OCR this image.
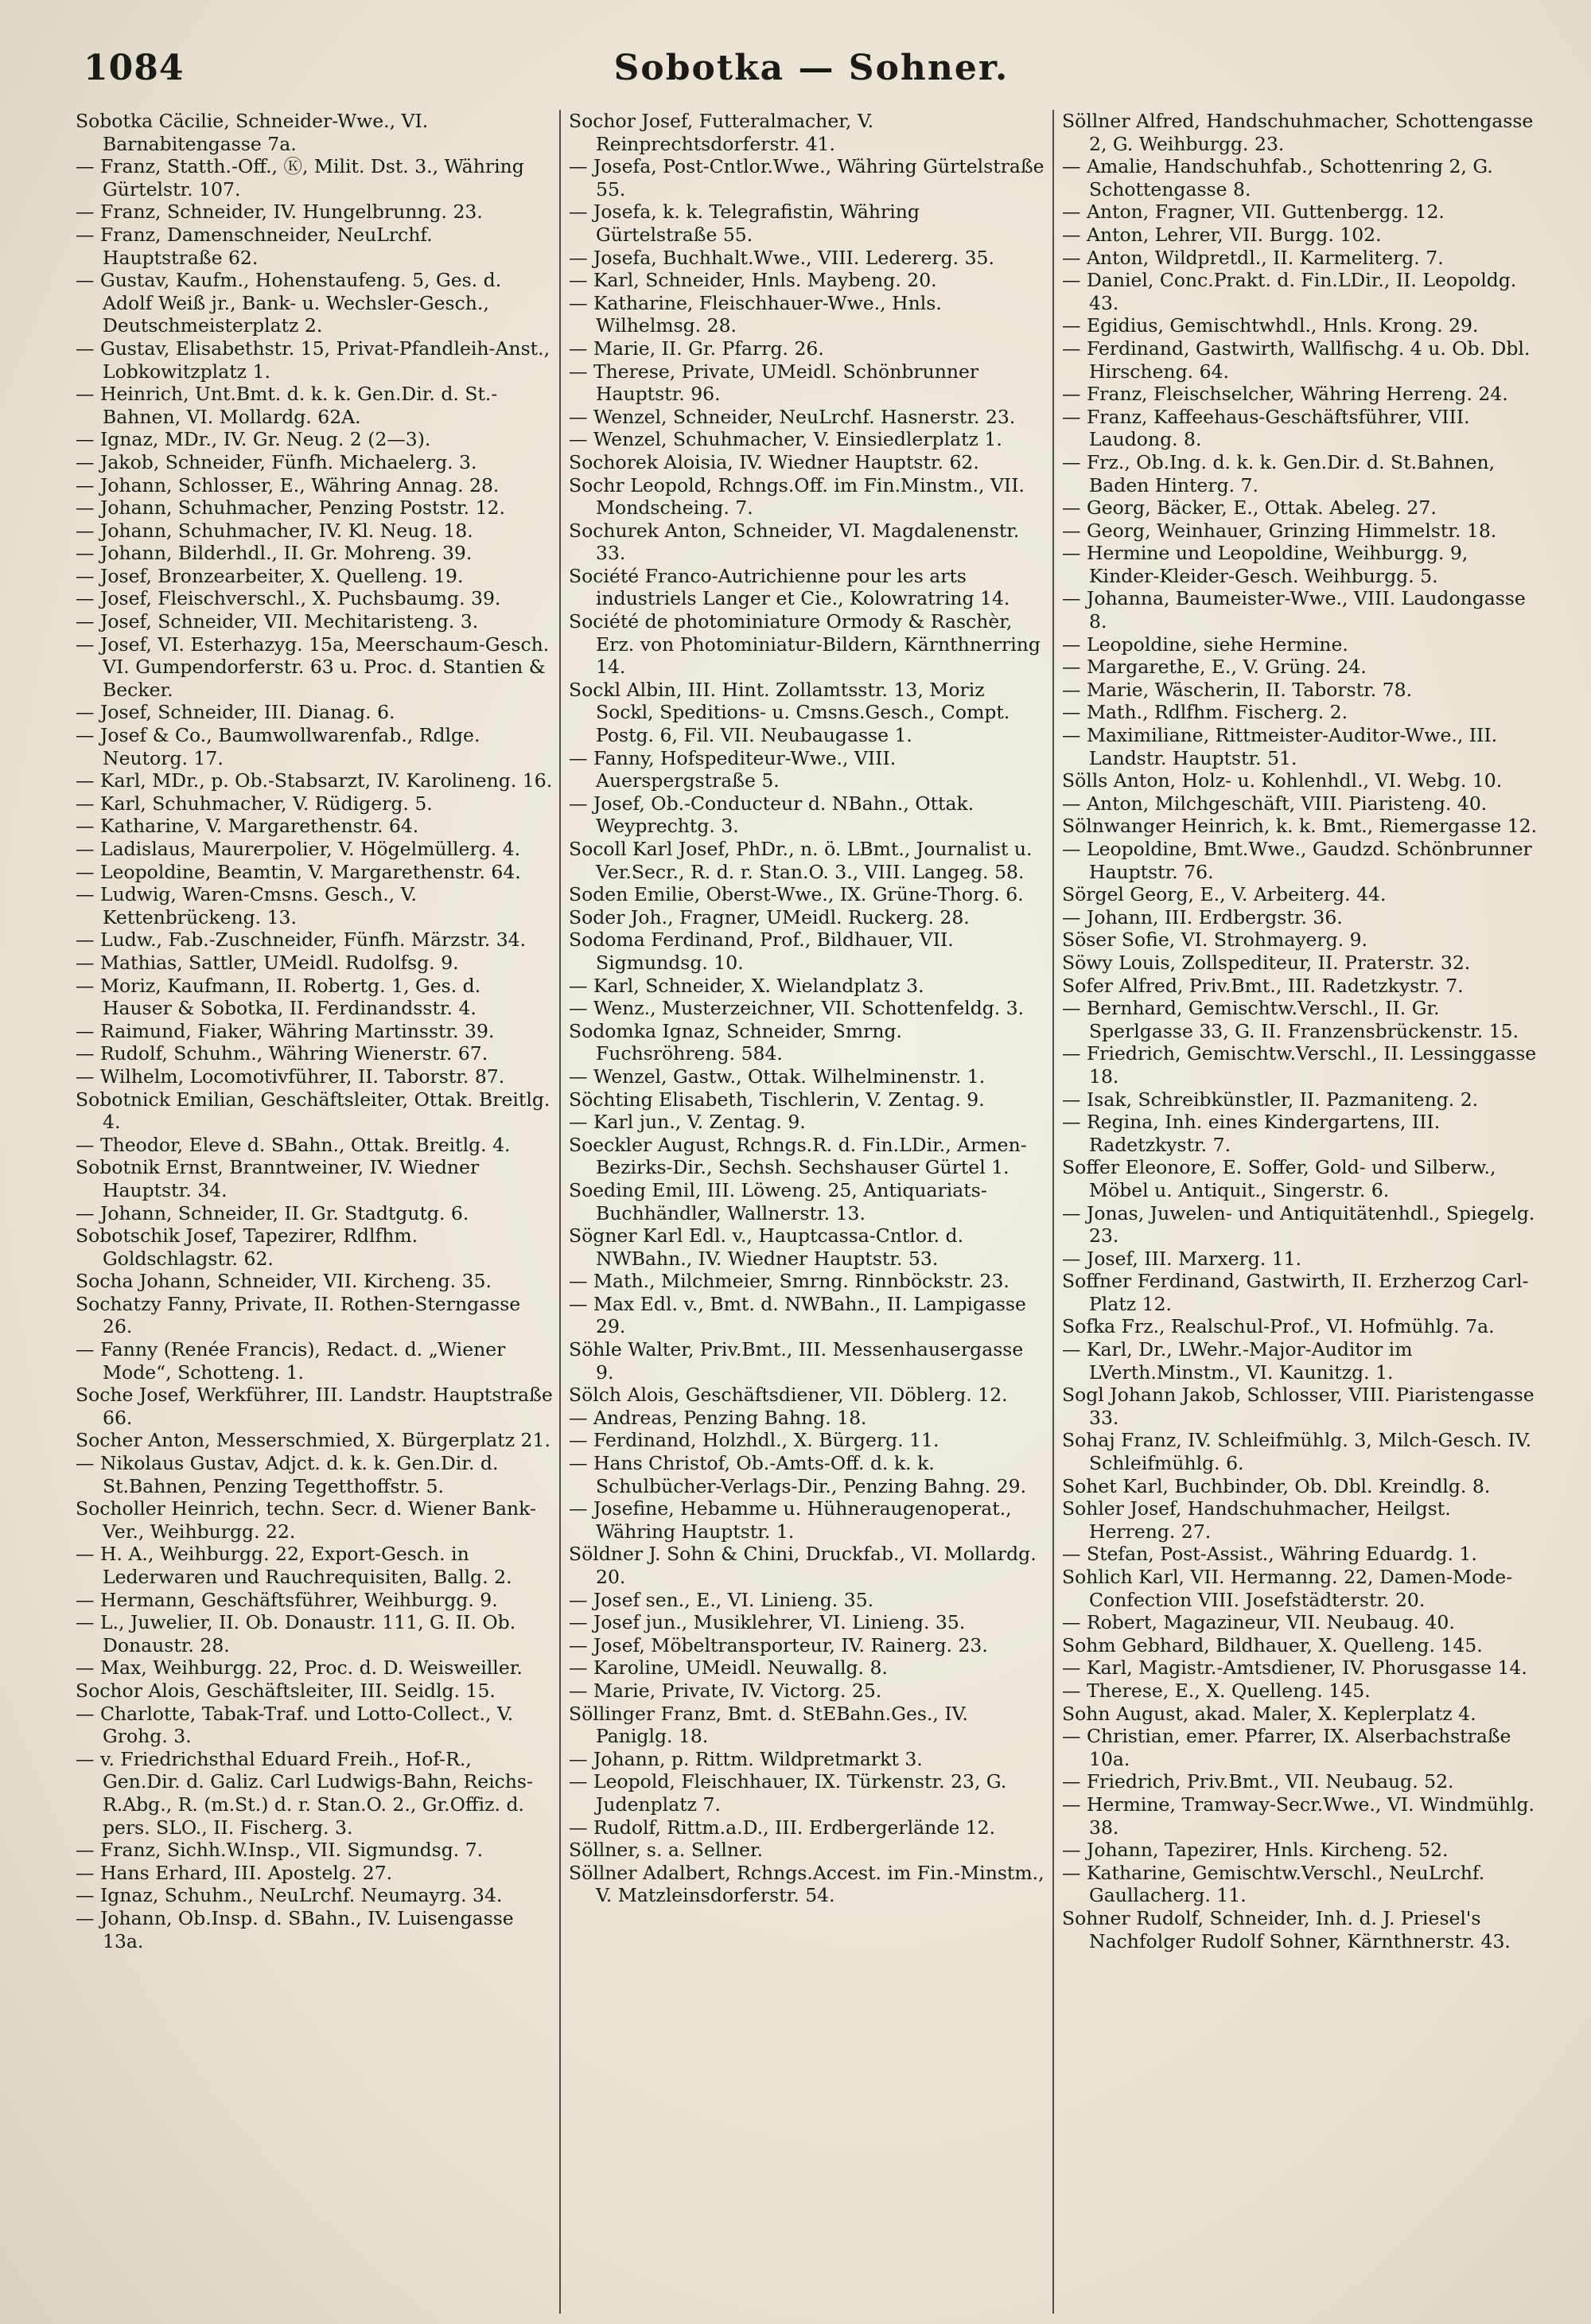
1084	Sobotka — Sohner.

Sobotka Cäcilie, Schneider-Wwe., VI. Barnabitengasse 7a.

— Franz, Statth.-Off., Ⓚ, Milit. Dst. 3., Währing Gürtelstr. 107.

— Franz, Schneider, IV. Hungelbrunng. 23.

— Franz, Damenschneider, NeuLrchf. Hauptstraße 62.

— Gustav, Kaufm., Hohenstaufeng. 5, Ges. d. Adolf Weiß jr., Bank- u. Wechsler-Gesch., Deutschmeisterplatz 2.

— Gustav, Elisabethstr. 15, Privat-Pfandleih-Anst., Lobkowitzplatz 1.

— Heinrich, Unt.Bmt. d. k. k. Gen.Dir. d. St.-Bahnen, VI. Mollardg. 62A.

— Ignaz, MDr., IV. Gr. Neug. 2 (2—3).

— Jakob, Schneider, Fünfh. Michaelerg. 3.

— Johann, Schlosser, E., Währing Annag. 28.

— Johann, Schuhmacher, Penzing Poststr. 12.

— Johann, Schuhmacher, IV. Kl. Neug. 18.

— Johann, Bilderhdl., II. Gr. Mohreng. 39.

— Josef, Bronzearbeiter, X. Quelleng. 19.

— Josef, Fleischverschl., X. Puchsbaumg. 39.

— Josef, Schneider, VII. Mechitaristeng. 3.

— Josef, VI. Esterhazyg. 15a, Meerschaum-Gesch. VI. Gumpendorferstr. 63 u. Proc. d. Stantien & Becker.

— Josef, Schneider, III. Dianag. 6.

— Josef & Co., Baumwollwarenfab., Rdlge. Neutorg. 17.

— Karl, MDr., p. Ob.-Stabsarzt, IV. Karolineng. 16.

— Karl, Schuhmacher, V. Rüdigerg. 5.

— Katharine, V. Margarethenstr. 64.

— Ladislaus, Maurerpolier, V. Högelmüllerg. 4.

— Leopoldine, Beamtin, V. Margarethenstr. 64.

— Ludwig, Waren-Cmsns. Gesch., V. Kettenbrückeng. 13.

— Ludw., Fab.-Zuschneider, Fünfh. Märzstr. 34.

— Mathias, Sattler, UMeidl. Rudolfsg. 9.

— Moriz, Kaufmann, II. Robertg. 1, Ges. d. Hauser & Sobotka, II. Ferdinandsstr. 4.

— Raimund, Fiaker, Währing Martinsstr. 39.

— Rudolf, Schuhm., Währing Wienerstr. 67.

— Wilhelm, Locomotivführer, II. Taborstr. 87.

Sobotnick Emilian, Geschäftsleiter, Ottak. Breitlg. 4.

— Theodor, Eleve d. SBahn., Ottak. Breitlg. 4.

Sobotnik Ernst, Branntweiner, IV. Wiedner Hauptstr. 34.

— Johann, Schneider, II. Gr. Stadtgutg. 6.

Sobotschik Josef, Tapezirer, Rdlfhm. Goldschlagstr. 62.

Socha Johann, Schneider, VII. Kircheng. 35.

Sochatzy Fanny, Private, II. Rothen-Sterngasse 26.

— Fanny (Renée Francis), Redact. d. „Wiener Mode“, Schotteng. 1.

Soche Josef, Werkführer, III. Landstr. Hauptstraße 66.

Socher Anton, Messerschmied, X. Bürgerplatz 21.

— Nikolaus Gustav, Adjct. d. k. k. Gen.Dir. d. St.Bahnen, Penzing Tegetthoffstr. 5.

Socholler Heinrich, techn. Secr. d. Wiener Bank-Ver., Weihburgg. 22.

— H. A., Weihburgg. 22, Export-Gesch. in Lederwaren und Rauchrequisiten, Ballg. 2.

— Hermann, Geschäftsführer, Weihburgg. 9.

— L., Juwelier, II. Ob. Donaustr. 111, G. II. Ob. Donaustr. 28.

— Max, Weihburgg. 22, Proc. d. D. Weisweiller.

Sochor Alois, Geschäftsleiter, III. Seidlg. 15.

— Charlotte, Tabak-Traf. und Lotto-Collect., V. Grohg. 3.

— v. Friedrichsthal Eduard Freih., Hof-R., Gen.Dir. d. Galiz. Carl Ludwigs-Bahn, Reichs-R.Abg., R. (m.St.) d. r. Stan.O. 2., Gr.Offiz. d. pers. SLO., II. Fischerg. 3.

— Franz, Sichh.W.Insp., VII. Sigmundsg. 7.

— Hans Erhard, III. Apostelg. 27.

— Ignaz, Schuhm., NeuLrchf. Neumayrg. 34.

— Johann, Ob.Insp. d. SBahn., IV. Luisengasse 13a.

Sochor Josef, Futteralmacher, V. Reinprechtsdorferstr. 41.

— Josefa, Post-Cntlor.Wwe., Währing Gürtelstraße 55.

— Josefa, k. k. Telegrafistin, Währing Gürtelstraße 55.

— Josefa, Buchhalt.Wwe., VIII. Ledererg. 35.

— Karl, Schneider, Hnls. Maybeng. 20.

— Katharine, Fleischhauer-Wwe., Hnls. Wilhelmsg. 28.

— Marie, II. Gr. Pfarrg. 26.

— Therese, Private, UMeidl. Schönbrunner Hauptstr. 96.

— Wenzel, Schneider, NeuLrchf. Hasnerstr. 23.

— Wenzel, Schuhmacher, V. Einsiedlerplatz 1.

Sochorek Aloisia, IV. Wiedner Hauptstr. 62.

Sochr Leopold, Rchngs.Off. im Fin.Minstm., VII. Mondscheing. 7.

Sochurek Anton, Schneider, VI. Magdalenenstr. 33.

Société Franco-Autrichienne pour les arts industriels Langer et Cie., Kolowratring 14.

Société de photominiature Ormody & Raschèr, Erz. von Photominiatur-Bildern, Kärnthnerring 14.

Sockl Albin, III. Hint. Zollamtsstr. 13, Moriz Sockl, Speditions- u. Cmsns.Gesch., Compt. Postg. 6, Fil. VII. Neubaugasse 1.

— Fanny, Hofspediteur-Wwe., VIII. Auerspergstraße 5.

— Josef, Ob.-Conducteur d. NBahn., Ottak. Weyprechtg. 3.

Socoll Karl Josef, PhDr., n. ö. LBmt., Journalist u. Ver.Secr., R. d. r. Stan.O. 3., VIII. Langeg. 58.

Soden Emilie, Oberst-Wwe., IX. Grüne-Thorg. 6.

Soder Joh., Fragner, UMeidl. Ruckerg. 28.

Sodoma Ferdinand, Prof., Bildhauer, VII. Sigmundsg. 10.

— Karl, Schneider, X. Wielandplatz 3.

— Wenz., Musterzeichner, VII. Schottenfeldg. 3.

Sodomka Ignaz, Schneider, Smrng. Fuchsröhreng. 584.

— Wenzel, Gastw., Ottak. Wilhelminenstr. 1.

Söchting Elisabeth, Tischlerin, V. Zentag. 9.

— Karl jun., V. Zentag. 9.

Soeckler August, Rchngs.R. d. Fin.LDir., Armen-Bezirks-Dir., Sechsh. Sechshauser Gürtel 1.

Soeding Emil, III. Löweng. 25, Antiquariats-Buchhändler, Wallnerstr. 13.

Sögner Karl Edl. v., Hauptcassa-Cntlor. d. NWBahn., IV. Wiedner Hauptstr. 53.

— Math., Milchmeier, Smrng. Rinnböckstr. 23.

— Max Edl. v., Bmt. d. NWBahn., II. Lampigasse 29.

Söhle Walter, Priv.Bmt., III. Messenhausergasse 9.

Sölch Alois, Geschäftsdiener, VII. Döblerg. 12.

— Andreas, Penzing Bahng. 18.

— Ferdinand, Holzhdl., X. Bürgerg. 11.

— Hans Christof, Ob.-Amts-Off. d. k. k. Schulbücher-Verlags-Dir., Penzing Bahng. 29.

— Josefine, Hebamme u. Hühneraugenoperat., Währing Hauptstr. 1.

Söldner J. Sohn & Chini, Druckfab., VI. Mollardg. 20.

— Josef sen., E., VI. Linieng. 35.

— Josef jun., Musiklehrer, VI. Linieng. 35.

— Josef, Möbeltransporteur, IV. Rainerg. 23.

— Karoline, UMeidl. Neuwallg. 8.

— Marie, Private, IV. Victorg. 25.

Söllinger Franz, Bmt. d. StEBahn.Ges., IV. Paniglg. 18.

— Johann, p. Rittm. Wildpretmarkt 3.

— Leopold, Fleischhauer, IX. Türkenstr. 23, G. Judenplatz 7.

— Rudolf, Rittm.a.D., III. Erdbergerlände 12.

Söllner, s. a. Sellner.

Söllner Adalbert, Rchngs.Accest. im Fin.-Minstm., V. Matzleinsdorferstr. 54.

Söllner Alfred, Handschuhmacher, Schottengasse 2, G. Weihburgg. 23.

— Amalie, Handschuhfab., Schottenring 2, G. Schottengasse 8.

— Anton, Fragner, VII. Guttenbergg. 12.

— Anton, Lehrer, VII. Burgg. 102.

— Anton, Wildpretdl., II. Karmeliterg. 7.

— Daniel, Conc.Prakt. d. Fin.LDir., II. Leopoldg. 43.

— Egidius, Gemischtwhdl., Hnls. Krong. 29.

— Ferdinand, Gastwirth, Wallfischg. 4 u. Ob. Dbl. Hirscheng. 64.

— Franz, Fleischselcher, Währing Herreng. 24.

— Franz, Kaffeehaus-Geschäftsführer, VIII. Laudong. 8.

— Frz., Ob.Ing. d. k. k. Gen.Dir. d. St.Bahnen, Baden Hinterg. 7.

— Georg, Bäcker, E., Ottak. Abeleg. 27.

— Georg, Weinhauer, Grinzing Himmelstr. 18.

— Hermine und Leopoldine, Weihburgg. 9, Kinder-Kleider-Gesch. Weihburgg. 5.

— Johanna, Baumeister-Wwe., VIII. Laudongasse 8.

— Leopoldine, siehe Hermine.

— Margarethe, E., V. Grüng. 24.

— Marie, Wäscherin, II. Taborstr. 78.

— Math., Rdlfhm. Fischerg. 2.

— Maximiliane, Rittmeister-Auditor-Wwe., III. Landstr. Hauptstr. 51.

Sölls Anton, Holz- u. Kohlenhdl., VI. Webg. 10.

— Anton, Milchgeschäft, VIII. Piaristeng. 40.

Sölnwanger Heinrich, k. k. Bmt., Riemergasse 12.

— Leopoldine, Bmt.Wwe., Gaudzd. Schönbrunner Hauptstr. 76.

Sörgel Georg, E., V. Arbeiterg. 44.

— Johann, III. Erdbergstr. 36.

Söser Sofie, VI. Strohmayerg. 9.

Söwy Louis, Zollspediteur, II. Praterstr. 32.

Sofer Alfred, Priv.Bmt., III. Radetzkystr. 7.

— Bernhard, Gemischtw.Verschl., II. Gr. Sperlgasse 33, G. II. Franzensbrückenstr. 15.

— Friedrich, Gemischtw.Verschl., II. Lessinggasse 18.

— Isak, Schreibkünstler, II. Pazmaniteng. 2.

— Regina, Inh. eines Kindergartens, III. Radetzkystr. 7.

Soffer Eleonore, E. Soffer, Gold- und Silberw., Möbel u. Antiquit., Singerstr. 6.

— Jonas, Juwelen- und Antiquitätenhdl., Spiegelg. 23.

— Josef, III. Marxerg. 11.

Soffner Ferdinand, Gastwirth, II. Erzherzog Carl-Platz 12.

Sofka Frz., Realschul-Prof., VI. Hofmühlg. 7a.

— Karl, Dr., LWehr.-Major-Auditor im LVerth.Minstm., VI. Kaunitzg. 1.

Sogl Johann Jakob, Schlosser, VIII. Piaristengasse 33.

Sohaj Franz, IV. Schleifmühlg. 3, Milch-Gesch. IV. Schleifmühlg. 6.

Sohet Karl, Buchbinder, Ob. Dbl. Kreindlg. 8.

Sohler Josef, Handschuhmacher, Heilgst. Herreng. 27.

— Stefan, Post-Assist., Währing Eduardg. 1.

Sohlich Karl, VII. Hermanng. 22, Damen-Mode-Confection VIII. Josefstädterstr. 20.

— Robert, Magazineur, VII. Neubaug. 40.

Sohm Gebhard, Bildhauer, X. Quelleng. 145.

— Karl, Magistr.-Amtsdiener, IV. Phorusgasse 14.

— Therese, E., X. Quelleng. 145.

Sohn August, akad. Maler, X. Keplerplatz 4.

— Christian, emer. Pfarrer, IX. Alserbachstraße 10a.

— Friedrich, Priv.Bmt., VII. Neubaug. 52.

— Hermine, Tramway-Secr.Wwe., VI. Windmühlg. 38.

— Johann, Tapezirer, Hnls. Kircheng. 52.

— Katharine, Gemischtw.Verschl., NeuLrchf. Gaullacherg. 11.

Sohner Rudolf, Schneider, Inh. d. J. Priesel's Nachfolger Rudolf Sohner, Kärnthnerstr. 43.
